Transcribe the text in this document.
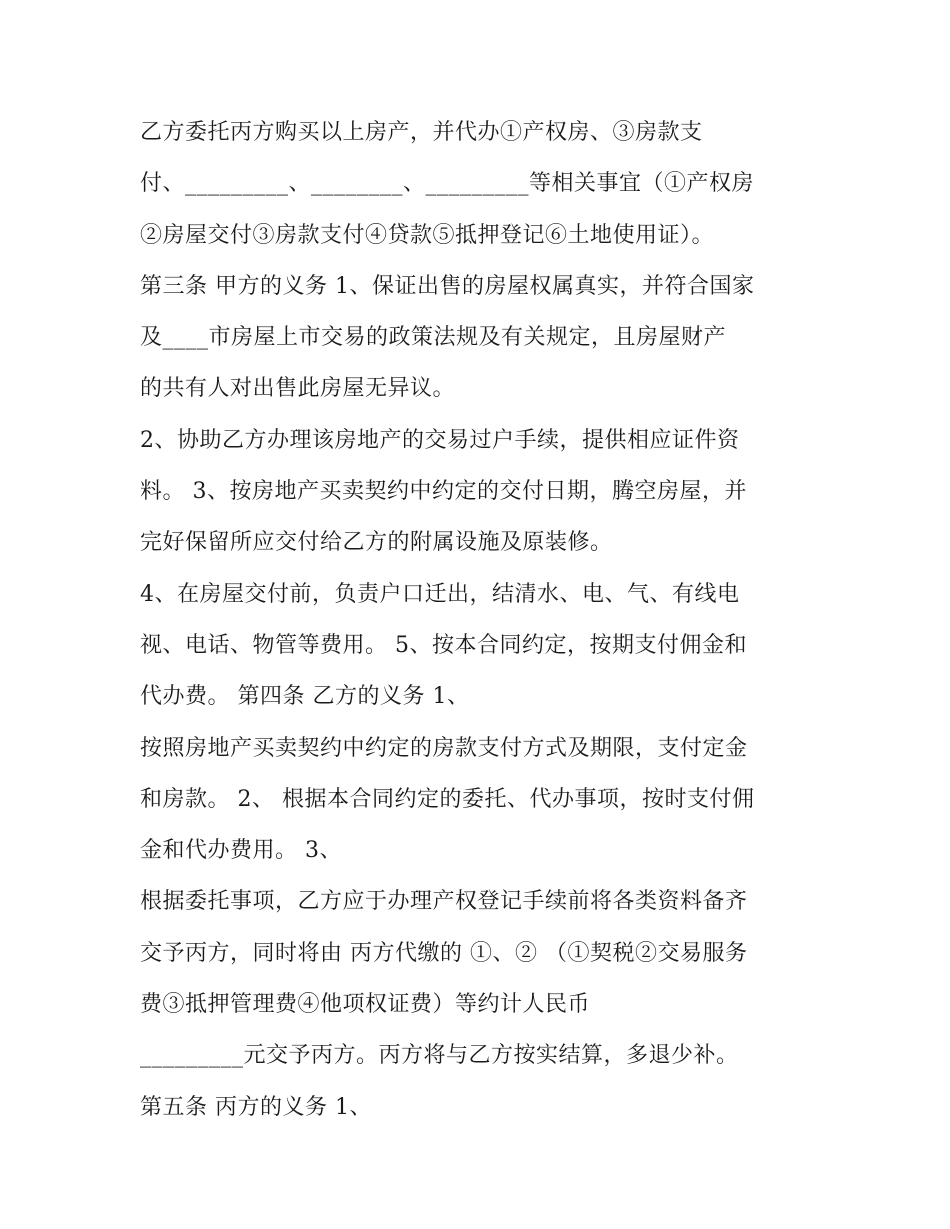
乙方委托丙方购买以上房产，并代办①产权房、③房款支
付、_________、________、_________等相关事宜（①产权房
②房屋交付③房款支付④贷款⑤抵押登记⑥土地使用证）。
第三条 甲方的义务 1、保证出售的房屋权属真实，并符合国家
及____市房屋上市交易的政策法规及有关规定，且房屋财产
的共有人对出售此房屋无异议。
2、协助乙方办理该房地产的交易过户手续，提供相应证件资
料。 3、按房地产买卖契约中约定的交付日期，腾空房屋，并
完好保留所应交付给乙方的附属设施及原装修。
4、在房屋交付前，负责户口迁出，结清水、电、气、有线电
视、电话、物管等费用。 5、按本合同约定，按期支付佣金和
代办费。 第四条 乙方的义务 1、
按照房地产买卖契约中约定的房款支付方式及期限，支付定金
和房款。 2、 根据本合同约定的委托、代办事项，按时支付佣
金和代办费用。 3、
根据委托事项，乙方应于办理产权登记手续前将各类资料备齐
交予丙方，同时将由 丙方代缴的 ①、② （①契税②交易服务
费③抵押管理费④他项权证费）等约计人民币
_________元交予丙方。丙方将与乙方按实结算，多退少补。
第五条 丙方的义务 1、
